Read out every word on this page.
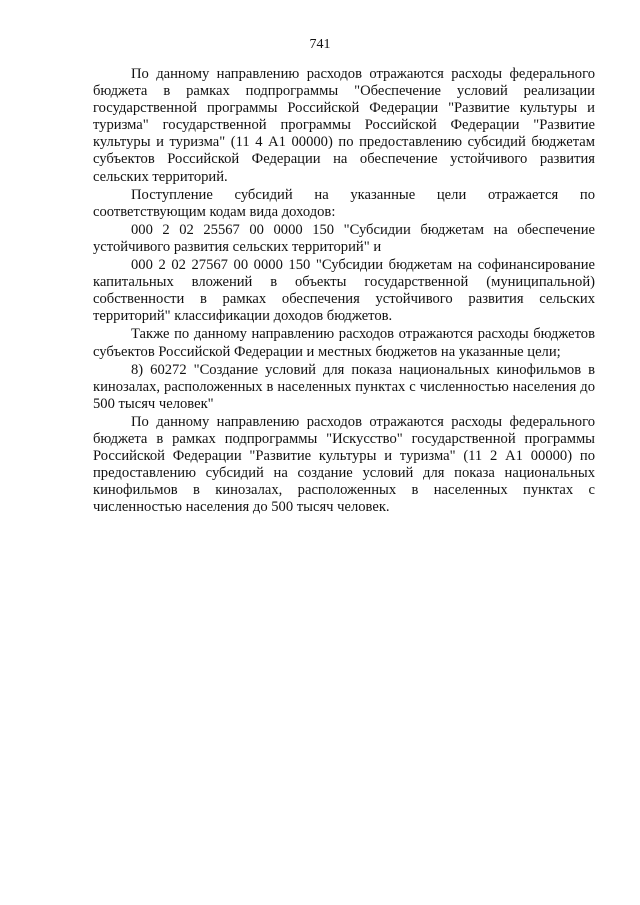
741

По данному направлению расходов отражаются расходы федерального бюджета в рамках подпрограммы "Обеспечение условий реализации государственной программы Российской Федерации "Развитие культуры и туризма" государственной программы Российской Федерации "Развитие культуры и туризма" (11 4 А1 00000) по предоставлению субсидий бюджетам субъектов Российской Федерации на обеспечение устойчивого развития сельских территорий.

Поступление субсидий на указанные цели отражается по соответствующим кодам вида доходов:

000 2 02 25567 00 0000 150 "Субсидии бюджетам на обеспечение устойчивого развития сельских территорий" и

000 2 02 27567 00 0000 150 "Субсидии бюджетам на софинансирование капитальных вложений в объекты государственной (муниципальной) собственности в рамках обеспечения устойчивого развития сельских территорий" классификации доходов бюджетов.

Также по данному направлению расходов отражаются расходы бюджетов субъектов Российской Федерации и местных бюджетов на указанные цели;

8) 60272 "Создание условий для показа национальных кинофильмов в кинозалах, расположенных в населенных пунктах с численностью населения до 500 тысяч человек"

По данному направлению расходов отражаются расходы федерального бюджета в рамках подпрограммы "Искусство" государственной программы Российской Федерации "Развитие культуры и туризма" (11 2 А1 00000) по предоставлению субсидий на создание условий для показа национальных кинофильмов в кинозалах, расположенных в населенных пунктах с численностью населения до 500 тысяч человек.
